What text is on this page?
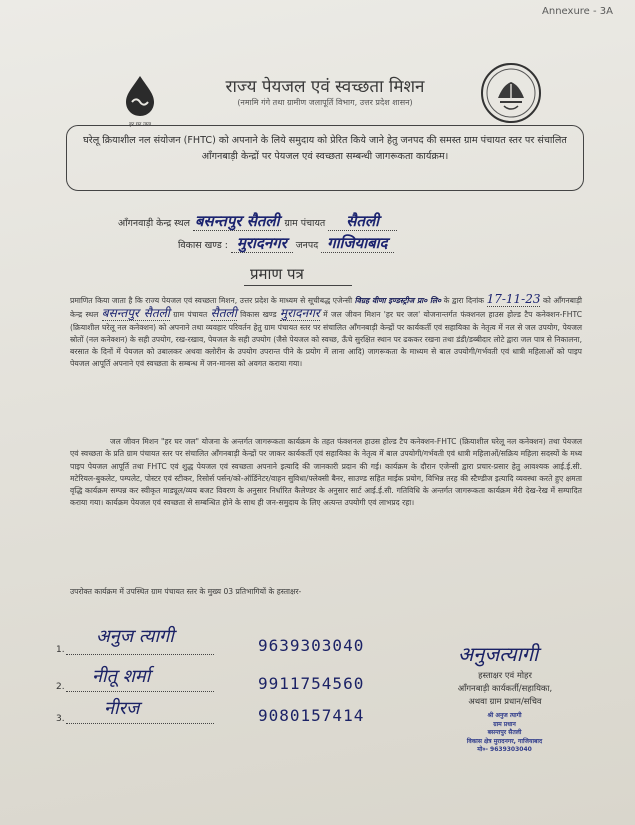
Annexure - 3A
हर घर जल
राज्य पेयजल एवं स्वच्छता मिशन
(नमामि गंगे तथा ग्रामीण जलापूर्ति विभाग, उत्तर प्रदेश शासन)
घरेलू क्रियाशील नल संयोजन (FHTC) को अपनाने के लिये समुदाय को प्रेरित किये जाने हेतु जनपद की समस्त ग्राम पंचायत स्तर पर संचालित आँगनबाड़ी केन्द्रों पर पेयजल एवं स्वच्छता सम्बन्धी जागरूकता कार्यक्रम।
आँगनवाड़ी केन्द्र स्थल बसन्तपुर सैतली ग्राम पंचायत सैतली
विकास खण्ड : मुरादनगर जनपद गाजियाबाद
प्रमाण पत्र
प्रमाणित किया जाता है कि राज्य पेयजल एवं स्वच्छता मिशन, उत्तर प्रदेश के माध्यम से सूचीबद्ध एजेन्सी विग्रह वीणा इण्डस्ट्रीज प्रा० लि० के द्वारा दिनांक 17-11-23 को आँगनबाड़ी केन्द्र स्थल बसन्तपुर सैतली ग्राम पंचायत सैतली विकास खण्ड मुरादनगर में जल जीवन मिशन 'हर घर जल' योजनान्तर्गत फंक्शनल हाउस होल्ड टैप कनेक्शन-FHTC (क्रियाशील घरेलू नल कनेक्शन) को अपनाने तथा व्यवहार परिवर्तन हेतु ग्राम पंचायत स्तर पर संचालित आँगनबाड़ी केन्द्रों पर कार्यकर्ती एवं सहायिका के नेतृत्व में नल से जल उपयोग, पेयजल स्रोतों (नल कनेक्शन) के सही उपयोग, रख-रखाव, पेयजल के सही उपयोग (जैसे पेयजल को स्वच्छ, ऊँचे सुरक्षित स्थान पर ढककर रखना तथा डंडी/डब्बीदार लोटे द्वारा जल पात्र से निकालना, बरसात के दिनों में पेयजल को उबालकर अथवा क्लोरीन के उपयोग उपरान्त पीने के प्रयोग में लाना आदि) जागरूकता के माध्यम से बाल उपयोगी/गर्भवती एवं धात्री महिलाओं को पाइप पेयजल आपूर्ति अपनाने एवं स्वच्छता के सम्बन्ध में जन-मानस को अवगत कराया गया।
जल जीवन मिशन "हर घर जल" योजना के अन्तर्गत जागरूकता कार्यक्रम के तहत फंक्शनल हाउस होल्ड टैप कनेक्शन-FHTC (क्रियाशील घरेलू नल कनेक्शन) तथा पेयजल एवं स्वच्छता के प्रति ग्राम पंचायत स्तर पर संचालित आँगनबाड़ी केन्द्रों पर जाकर कार्यकर्ती एवं सहायिका के नेतृत्व में बाल उपयोगी/गर्भवती एवं धात्री महिलाओं/सक्रिय महिला सदस्यों के मध्य पाइप पेयजल आपूर्ति तथा FHTC एवं शुद्ध पेयजल एवं स्वच्छता अपनाने इत्यादि की जानकारी प्रदान की गई। कार्यक्रम के दौरान एजेन्सी द्वारा प्रचार-प्रसार हेतु आवश्यक आई.ई.सी. मटेरियल-बुकलेट, पम्पलेट, पोस्टर एवं स्टीकर, रिसोर्स पर्सन/को-ऑर्डिनेटर/वाहन सुविधा/फ्लेक्सी बैनर, साउण्ड सहित माईक प्रयोग, विभिन्न तरह की स्टैण्डीज इत्यादि व्यवस्था करते हुए क्षमता वृद्धि कार्यक्रम सम्पन्न कर स्वीकृत माड्यूल/व्यय बजट विवरण के अनुसार निर्धारित कैलेण्डर के अनुसार सार्ट आई.ई.सी. गतिविधि के अन्तर्गत जागरूकता कार्यक्रम मेरी देख-रेख में सम्पादित कराया गया। कार्यक्रम पेयजल एवं स्वच्छता से सम्बन्धित होने के साथ ही जन-समुदाय के लिए अत्यन्त उपयोगी एवं लाभप्रद रहा।
उपरोक्त कार्यक्रम में उपस्थित ग्राम पंचायत स्तर के मुख्य 03 प्रतिभागियों के हस्ताक्षर-
1.
अनुज त्यागी	9639303040
2. नीतू शर्मा	9911754560
3. नीरज	9080157414
अनुजत्यागी
हस्ताक्षर एवं मोहर
आँगनबाड़ी कार्यकर्ती/सहायिका,
अथवा ग्राम प्रधान/सचिव
श्री अनुज त्यागी
ग्राम प्रधान
बसन्तपुर सैतली
विकास क्षेत्र मुरादनगर, गाजियाबाद
मो०- 9639303040
